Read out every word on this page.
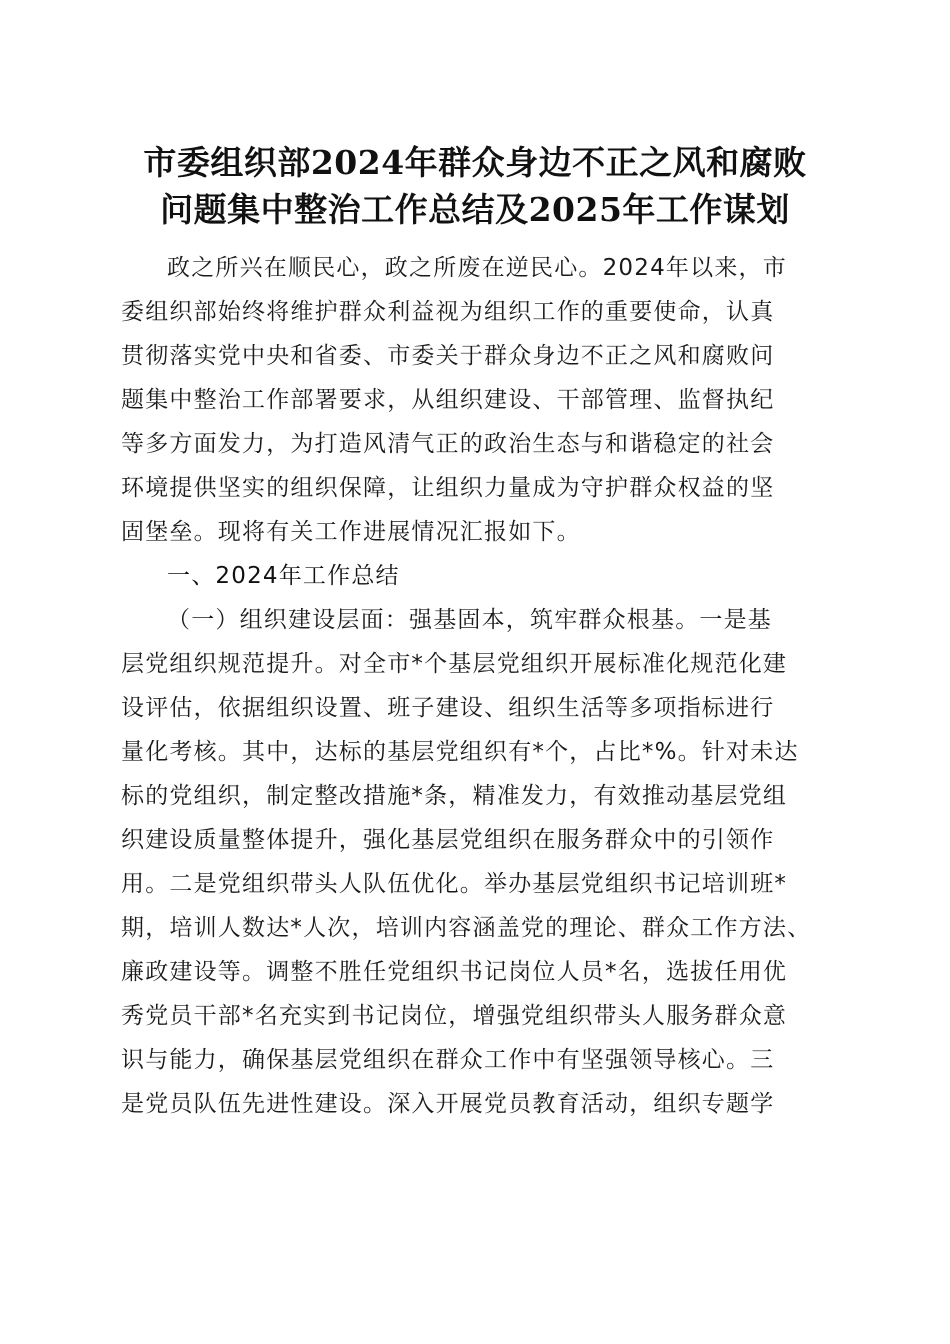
市委组织部2024年群众身边不正之风和腐败
问题集中整治工作总结及2025年工作谋划
政之所兴在顺民心，政之所废在逆民心。2024年以来，市
委组织部始终将维护群众利益视为组织工作的重要使命，认真
贯彻落实党中央和省委、市委关于群众身边不正之风和腐败问
题集中整治工作部署要求，从组织建设、干部管理、监督执纪
等多方面发力，为打造风清气正的政治生态与和谐稳定的社会
环境提供坚实的组织保障，让组织力量成为守护群众权益的坚
固堡垒。现将有关工作进展情况汇报如下。
一、2024年工作总结
（一）组织建设层面：强基固本，筑牢群众根基。一是基
层党组织规范提升。对全市*个基层党组织开展标准化规范化建
设评估，依据组织设置、班子建设、组织生活等多项指标进行
量化考核。其中，达标的基层党组织有*个，占比*%。针对未达
标的党组织，制定整改措施*条，精准发力，有效推动基层党组
织建设质量整体提升，强化基层党组织在服务群众中的引领作
用。二是党组织带头人队伍优化。举办基层党组织书记培训班*
期，培训人数达*人次，培训内容涵盖党的理论、群众工作方法、
廉政建设等。调整不胜任党组织书记岗位人员*名，选拔任用优
秀党员干部*名充实到书记岗位，增强党组织带头人服务群众意
识与能力，确保基层党组织在群众工作中有坚强领导核心。三
是党员队伍先进性建设。深入开展党员教育活动，组织专题学
